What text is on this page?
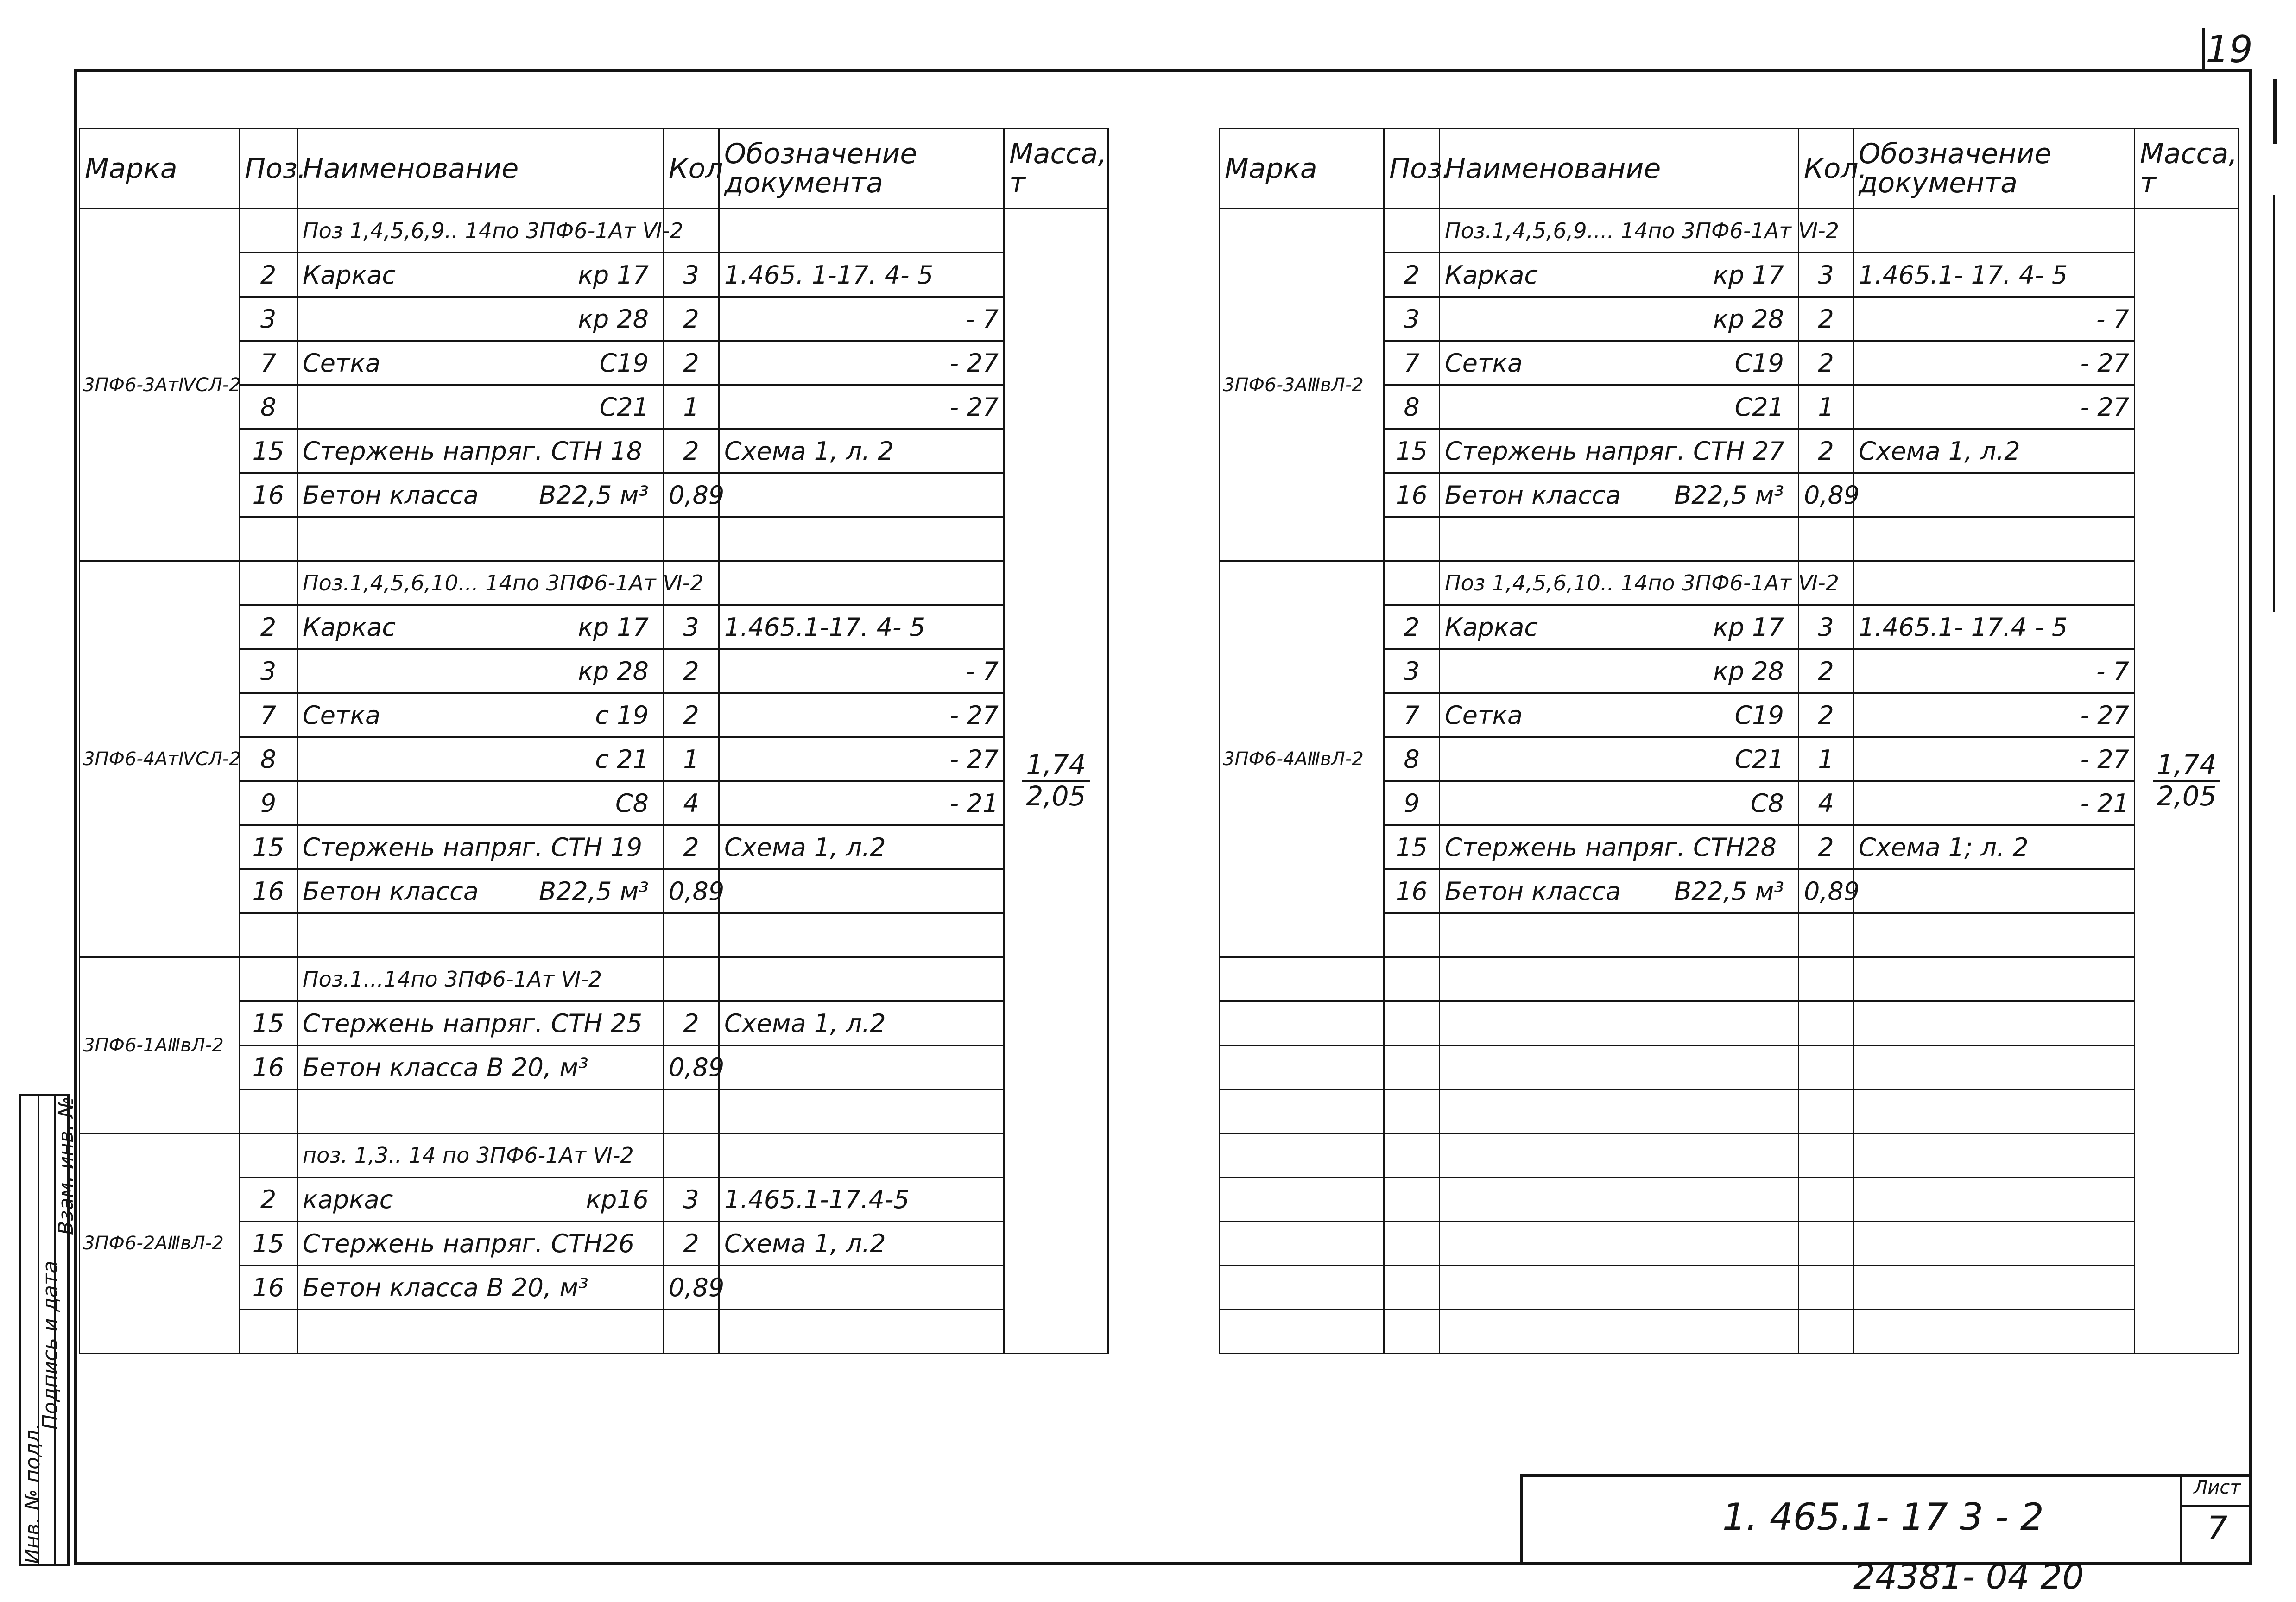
19
Марка	Поз.	Наименование	Кол	Обозначение
документа	Масса,
т
3ПФ6-3АтⅣСЛ-2		Поз 1,4,5,6,9.. 14по 3ПФ6-1Ат Ⅵ-2			$\frac{1,74}{2,05}$

	2	Каркас кр 17	3	1.465. 1-17. 4- 5	
	3	кр 28	2	- 7	
	7	Сетка С19	2	- 27	
	8	С21	1	- 27	
	15	Стержень напряг. СТН 18	2	Схема 1, л. 2	
	16	Бетон класса В22,5 м³	0,89		

3ПФ6-4АтⅣСЛ-2		Поз.1,4,5,6,10... 14по 3ПФ6-1Ат Ⅵ-2			
	2	Каркас кр 17	3	1.465.1-17. 4- 5	
	3	кр 28	2	- 7	
	7	Сетка с 19	2	- 27	
	8	с 21	1	- 27	
	9	С8	4	- 21	
	15	Стержень напряг. СТН 19	2	Схема 1, л.2	
	16	Бетон класса В22,5 м³	0,89		

3ПФ6-1АⅢвЛ-2		Поз.1...14по 3ПФ6-1Ат Ⅵ-2			
	15	Стержень напряг. СТН 25	2	Схема 1, л.2	
	16	Бетон класса В 20, м³	0,89		

3ПФ6-2АⅢвЛ-2		поз. 1,3.. 14 по 3ПФ6-1Ат Ⅵ-2			
	2	каркас кр16	3	1.465.1-17.4-5	
	15	Стержень напряг. СТН26	2	Схема 1, л.2	
	16	Бетон класса В 20, м³	0,89		

Марка	Поз.	Наименование	Кол.	Обозначение
документа	Масса,
т
3ПФ6-3АⅢвЛ-2		Поз.1,4,5,6,9.... 14по 3ПФ6-1Ат Ⅵ-2			$\frac{1,74}{2,05}$

	2	Каркас кр 17	3	1.465.1- 17. 4- 5	
	3	кр 28	2	- 7	
	7	Сетка С19	2	- 27	
	8	С21	1	- 27	
	15	Стержень напряг. СТН 27	2	Схема 1, л.2	
	16	Бетон класса В22,5 м³	0,89		

3ПФ6-4АⅢвЛ-2		Поз 1,4,5,6,10.. 14по 3ПФ6-1Ат Ⅵ-2			
	2	Каркас кр 17	3	1.465.1- 17.4 - 5	
	3	кр 28	2	- 7	
	7	Сетка С19	2	- 27	
	8	С21	1	- 27	
	9	С8	4	- 21	
	15	Стержень напряг. СТН28	2	Схема 1; л. 2	
	16	Бетон класса В22,5 м³	0,89		

Инв. № подл.
Подпись и дата
Взам. инв. №
1. 465.1- 17 3 - 2
Лист
7
24381- 04 20
